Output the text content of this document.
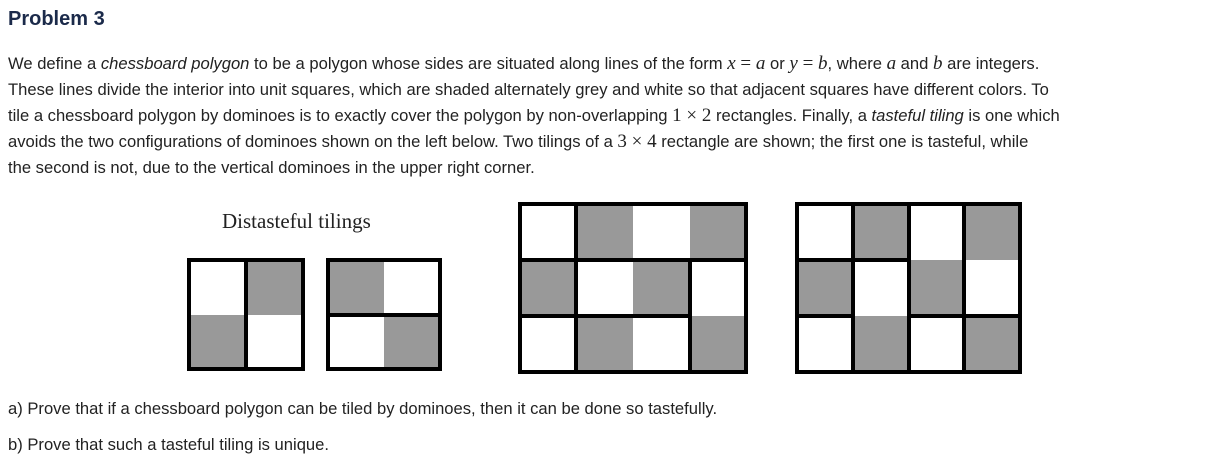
Problem 3
We define a chessboard polygon to be a polygon whose sides are situated along lines of the form x = a or y = b, where a and b are integers.
These lines divide the interior into unit squares, which are shaded alternately grey and white so that adjacent squares have different colors. To
tile a chessboard polygon by dominoes is to exactly cover the polygon by non-overlapping 1 × 2 rectangles. Finally, a tasteful tiling is one which
avoids the two configurations of dominoes shown on the left below. Two tilings of a 3 × 4 rectangle are shown; the first one is tasteful, while
the second is not, due to the vertical dominoes in the upper right corner.
Distasteful tilings
a) Prove that if a chessboard polygon can be tiled by dominoes, then it can be done so tastefully.
b) Prove that such a tasteful tiling is unique.
